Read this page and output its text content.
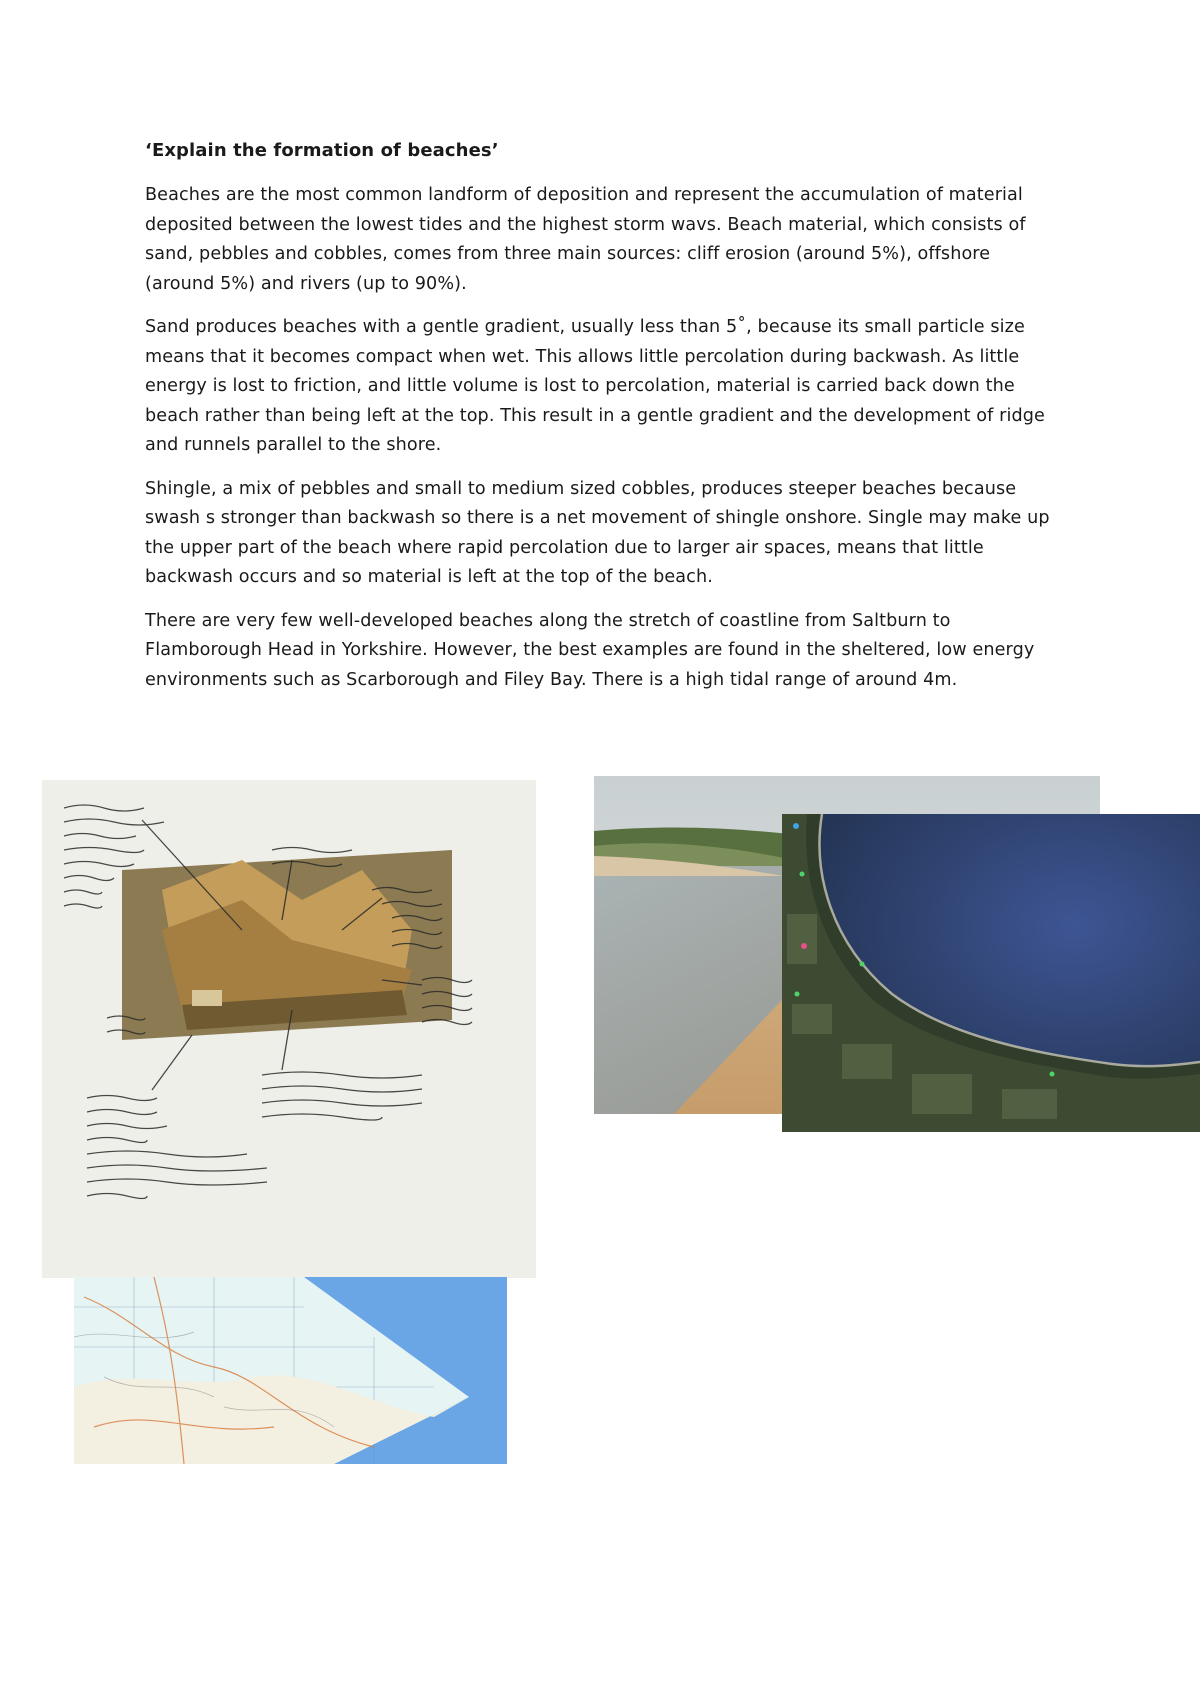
‘Explain the formation of beaches’

Beaches are the most common landform of deposition and represent the accumulation of material deposited between the lowest tides and the highest storm wavs. Beach material, which consists of sand, pebbles and cobbles, comes from three main sources: cliff erosion (around 5%), offshore (around 5%) and rivers (up to 90%).

Sand produces beaches with a gentle gradient, usually less than 5˚, because its small particle size means that it becomes compact when wet. This allows little percolation during backwash. As little energy is lost to friction, and little volume is lost to percolation, material is carried back down the beach rather than being left at the top. This result in a gentle gradient and the development of ridge and runnels parallel to the shore.

Shingle, a mix of pebbles and small to medium sized cobbles, produces steeper beaches because swash s stronger than backwash so there is a net movement of shingle onshore. Single may make up the upper part of the beach where rapid percolation due to larger air spaces, means that little backwash occurs and so material is left at the top of the beach.

There are very few well-developed beaches along the stretch of coastline from Saltburn to Flamborough Head in Yorkshire. However, the best examples are found in the sheltered, low energy environments such as Scarborough and Filey Bay. There is a high tidal range of around 4m.
